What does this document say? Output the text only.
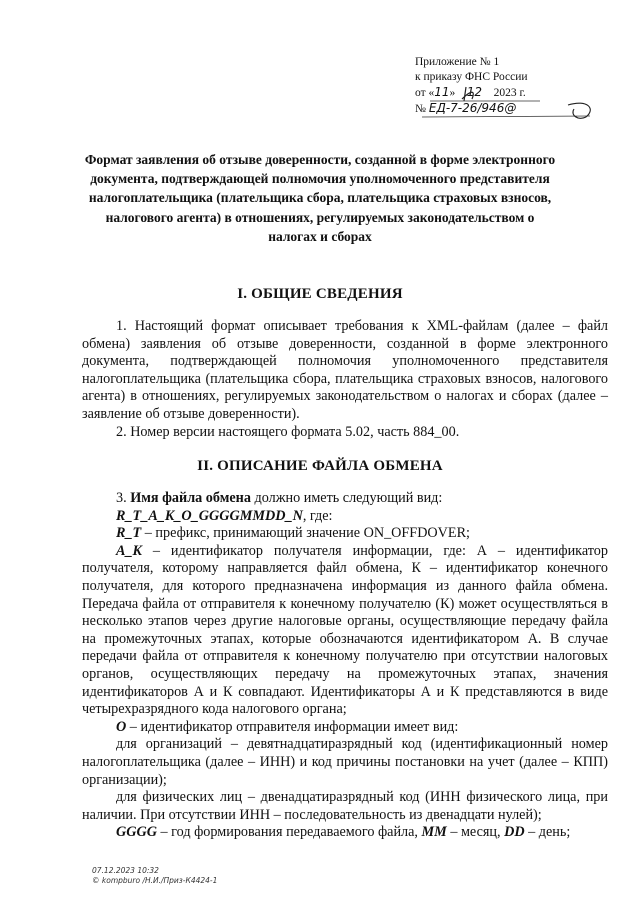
Приложение № 1
к приказу ФНС России
от «11» 12 2023 г.
№ ЕД-7-26/946@
Формат заявления об отзыве доверенности, созданной в форме электронного документа, подтверждающей полномочия уполномоченного представителя налогоплательщика (плательщика сбора, плательщика страховых взносов, налогового агента) в отношениях, регулируемых законодательством о налогах и сборах
I. ОБЩИЕ СВЕДЕНИЯ

1. Настоящий формат описывает требования к XML-файлам (далее – файл обмена) заявления об отзыве доверенности, созданной в форме электронного документа, подтверждающей полномочия уполномоченного представителя налогоплательщика (плательщика сбора, плательщика страховых взносов, налогового агента) в отношениях, регулируемых законодательством о налогах и сборах (далее – заявление об отзыве доверенности).

2. Номер версии настоящего формата 5.02, часть 884_00.

II. ОПИСАНИЕ ФАЙЛА ОБМЕНА

3. Имя файла обмена должно иметь следующий вид:

R_T_A_K_O_GGGGMMDD_N, где:

R_T – префикс, принимающий значение ON_OFFDOVER;

A_K – идентификатор получателя информации, где: А – идентификатор получателя, которому направляется файл обмена, К – идентификатор конечного получателя, для которого предназначена информация из данного файла обмена. Передача файла от отправителя к конечному получателю (К) может осуществляться в несколько этапов через другие налоговые органы, осуществляющие передачу файла на промежуточных этапах, которые обозначаются идентификатором А. В случае передачи файла от отправителя к конечному получателю при отсутствии налоговых органов, осуществляющих передачу на промежуточных этапах, значения идентификаторов А и К совпадают. Идентификаторы А и К представляются в виде четырехразрядного кода налогового органа;

O – идентификатор отправителя информации имеет вид:

для организаций – девятнадцатиразрядный код (идентификационный номер налогоплательщика (далее – ИНН) и код причины постановки на учет (далее – КПП) организации);

для физических лиц – двенадцатиразрядный код (ИНН физического лица, при наличии. При отсутствии ИНН – последовательность из двенадцати нулей);

GGGG – год формирования передаваемого файла, MM – месяц, DD – день;

07.12.2023 10:32
© kompburo /Н.И./Приз-К4424-1
